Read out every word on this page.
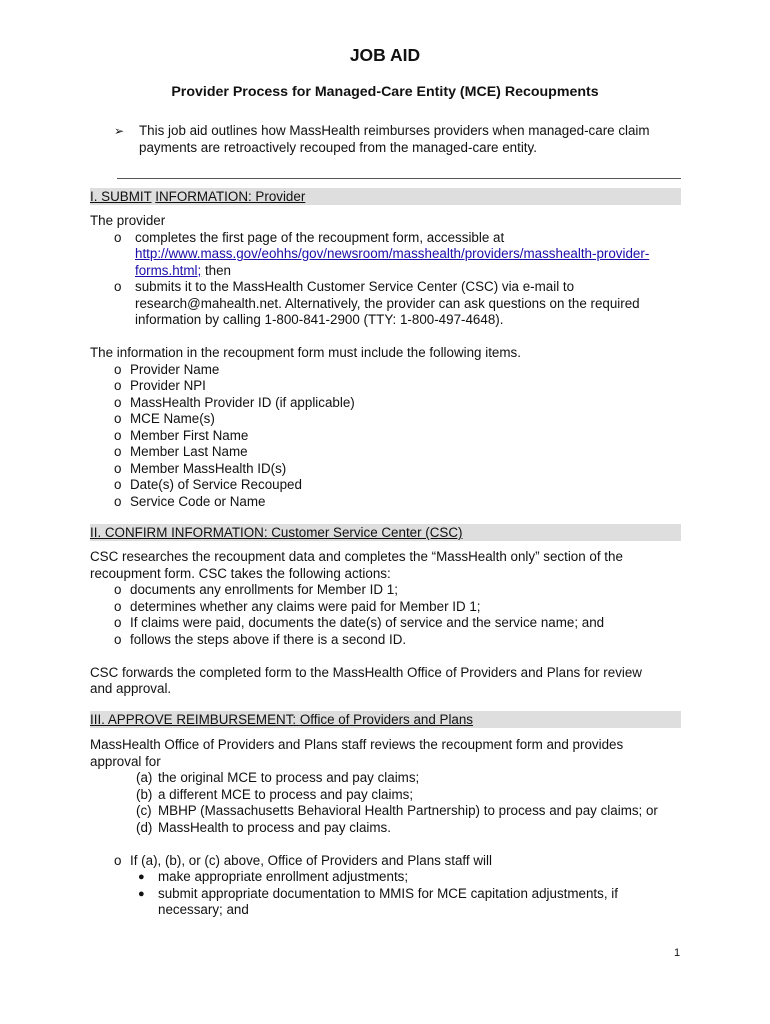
JOB AID
Provider Process for Managed-Care Entity (MCE) Recoupments
➢ This job aid outlines how MassHealth reimburses providers when managed-care claim payments are retroactively recouped from the managed-care entity.
I. SUBMIT INFORMATION: Provider
The provider
o completes the first page of the recoupment form, accessible at
http://www.mass.gov/eohhs/gov/newsroom/masshealth/providers/masshealth-provider-
forms.html; then
o submits it to the MassHealth Customer Service Center (CSC) via e-mail to
research@mahealth.net. Alternatively, the provider can ask questions on the required
information by calling 1-800-841-2900 (TTY: 1-800-497-4648).
The information in the recoupment form must include the following items.
o Provider Name
o Provider NPI
o MassHealth Provider ID (if applicable)
o MCE Name(s)
o Member First Name
o Member Last Name
o Member MassHealth ID(s)
o Date(s) of Service Recouped
o Service Code or Name
II. CONFIRM INFORMATION: Customer Service Center (CSC)
CSC researches the recoupment data and completes the “MassHealth only” section of the
recoupment form. CSC takes the following actions:
o documents any enrollments for Member ID 1;
o determines whether any claims were paid for Member ID 1;
o If claims were paid, documents the date(s) of service and the service name; and
o follows the steps above if there is a second ID.
CSC forwards the completed form to the MassHealth Office of Providers and Plans for review
and approval.
III. APPROVE REIMBURSEMENT: Office of Providers and Plans
MassHealth Office of Providers and Plans staff reviews the recoupment form and provides
approval for
(a) the original MCE to process and pay claims;
(b) a different MCE to process and pay claims;
(c) MBHP (Massachusetts Behavioral Health Partnership) to process and pay claims; or
(d) MassHealth to process and pay claims.
o If (a), (b), or (c) above, Office of Providers and Plans staff will
● make appropriate enrollment adjustments;
● submit appropriate documentation to MMIS for MCE capitation adjustments, if
necessary; and
1
